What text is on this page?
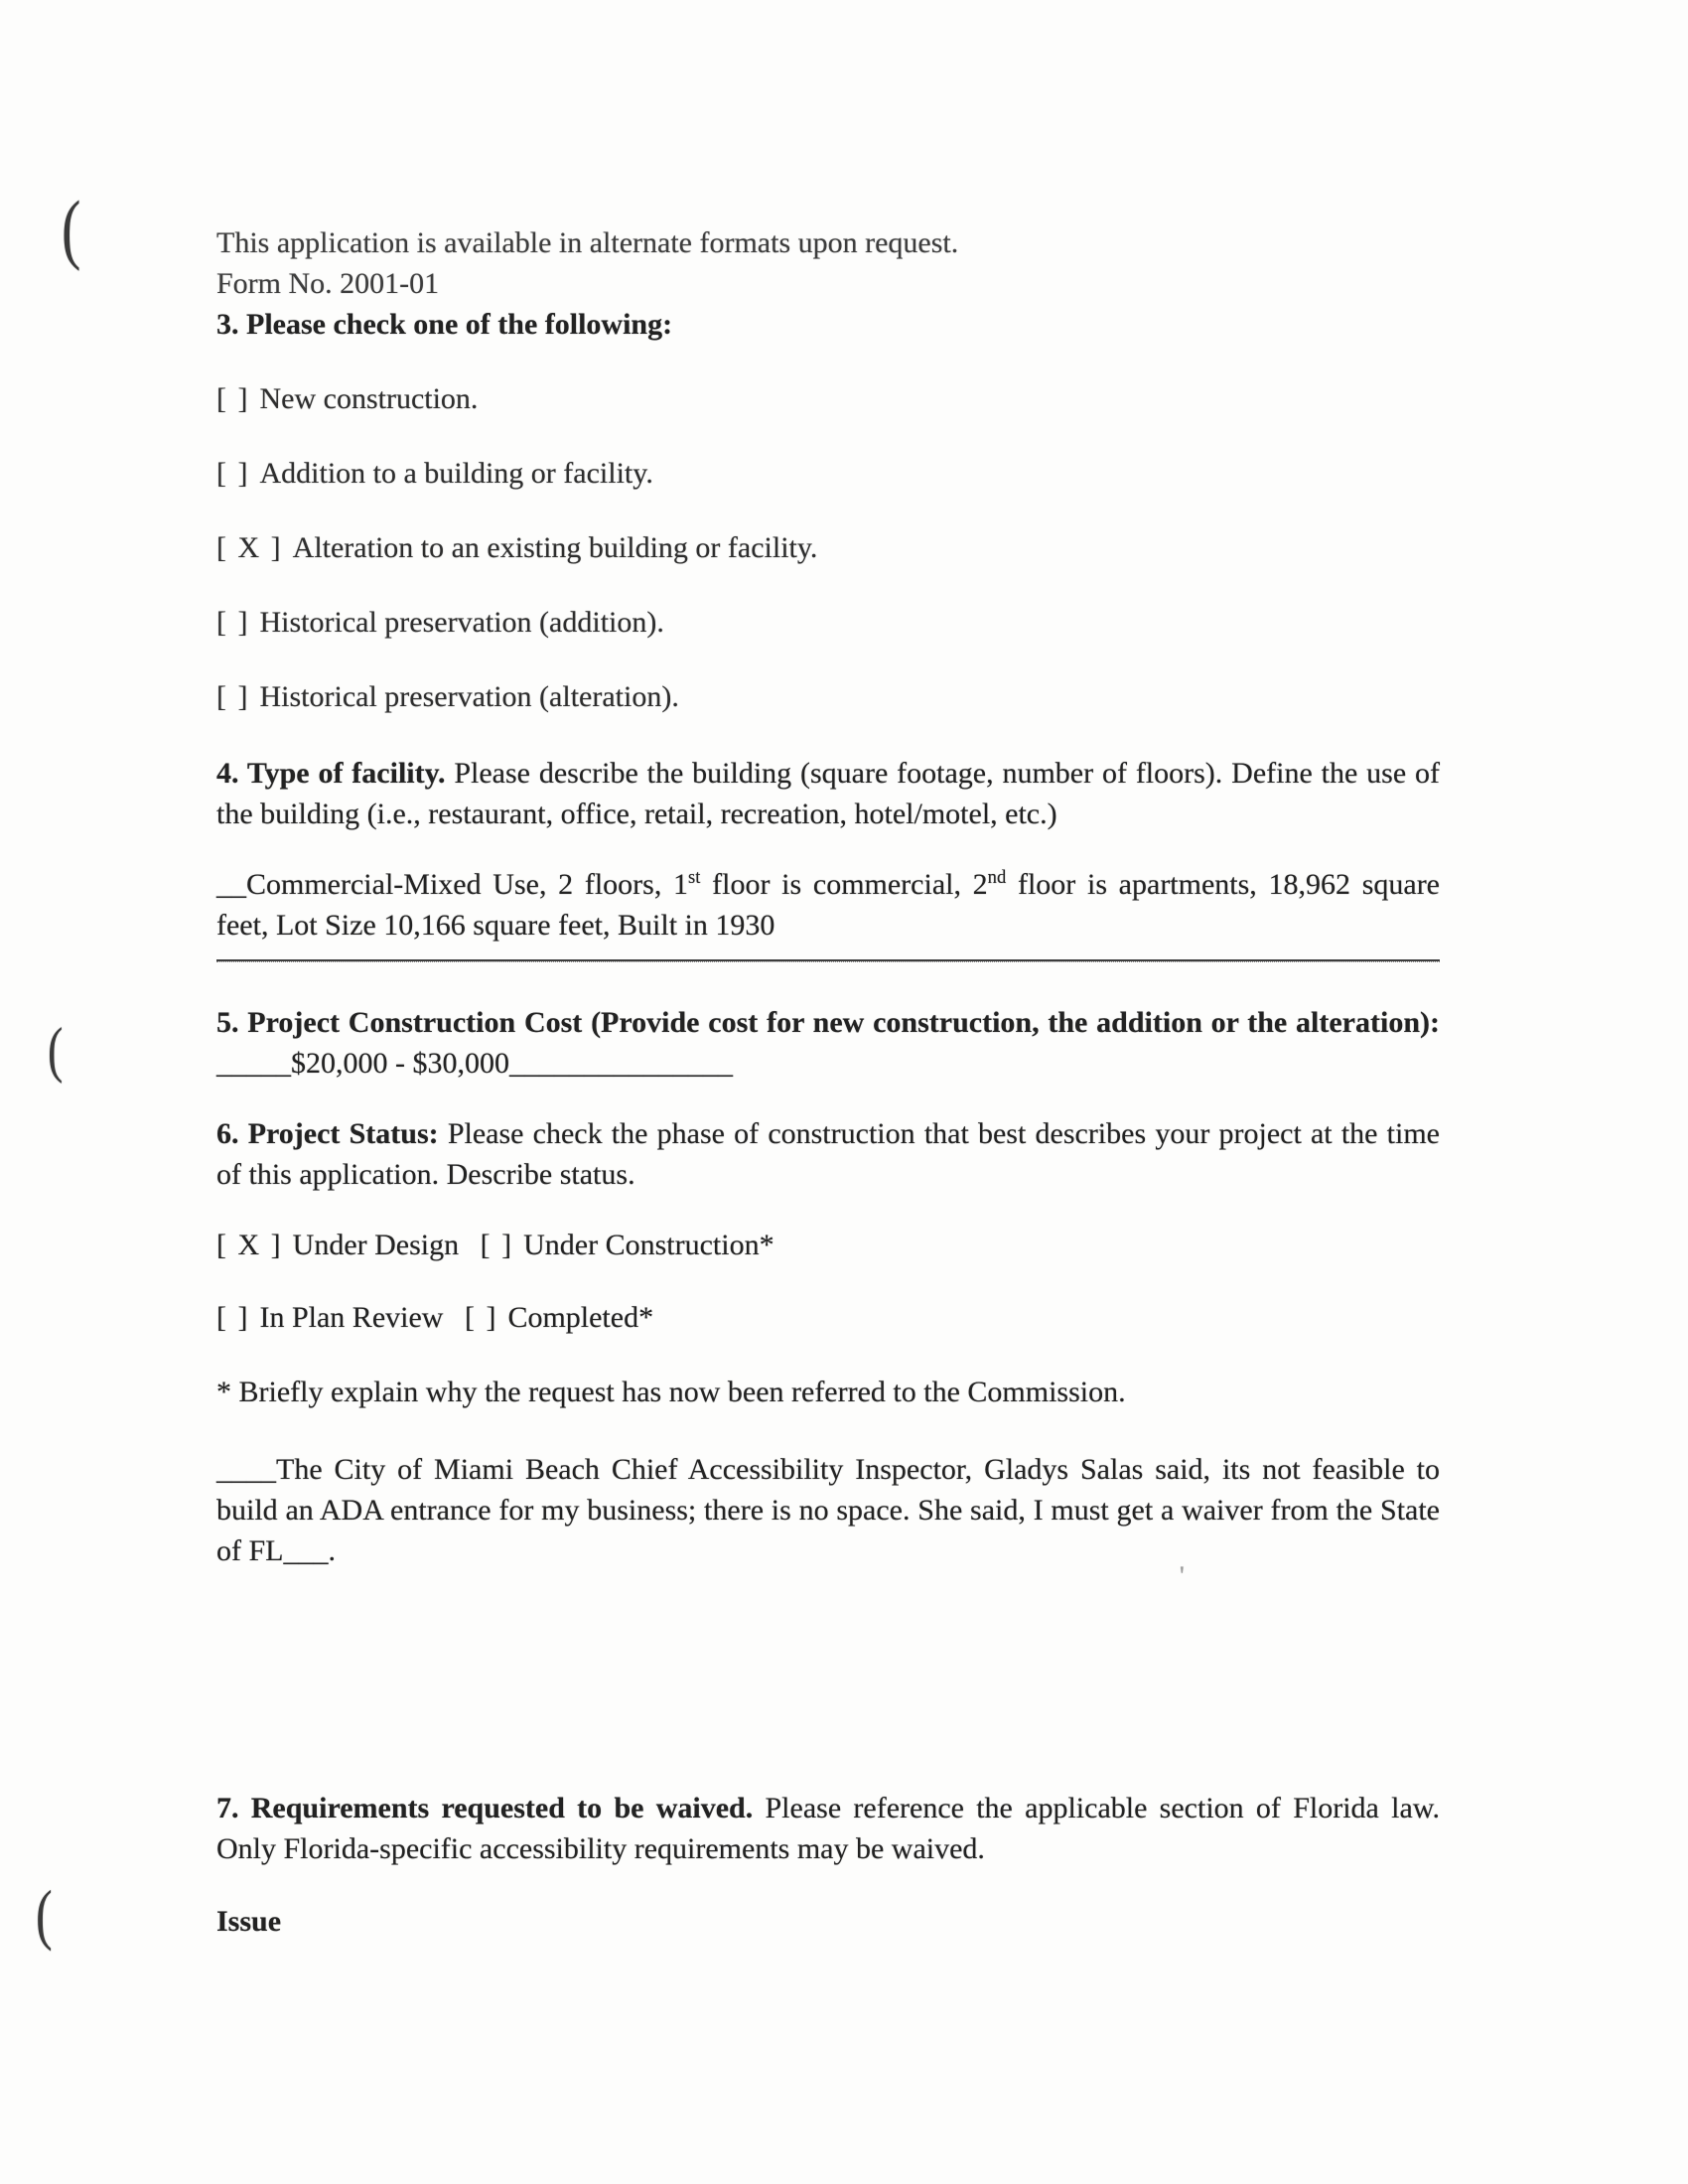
(
(
(
'
This application is available in alternate formats upon request.
Form No. 2001-01
3. Please check one of the following:
[ ] New construction.
[ ] Addition to a building or facility.
[ X ] Alteration to an existing building or facility.
[ ] Historical preservation (addition).
[ ] Historical preservation (alteration).
4. Type of facility. Please describe the building (square footage, number of floors). Define the use of the building (i.e., restaurant, office, retail, recreation, hotel/motel, etc.)
__Commercial-Mixed Use, 2 floors, 1st floor is commercial, 2nd floor is apartments, 18,962 square feet, Lot Size 10,166 square feet, Built in 1930
5. Project Construction Cost (Provide cost for new construction, the addition or the alteration): _____$20,000 - $30,000_______________
6. Project Status: Please check the phase of construction that best describes your project at the time of this application. Describe status.
[ X ] Under Design [ ] Under Construction*
[ ] In Plan Review [ ] Completed*
* Briefly explain why the request has now been referred to the Commission.
____The City of Miami Beach Chief Accessibility Inspector, Gladys Salas said, its not feasible to build an ADA entrance for my business; there is no space. She said, I must get a waiver from the State of FL___.
7. Requirements requested to be waived. Please reference the applicable section of Florida law. Only Florida-specific accessibility requirements may be waived.
Issue
